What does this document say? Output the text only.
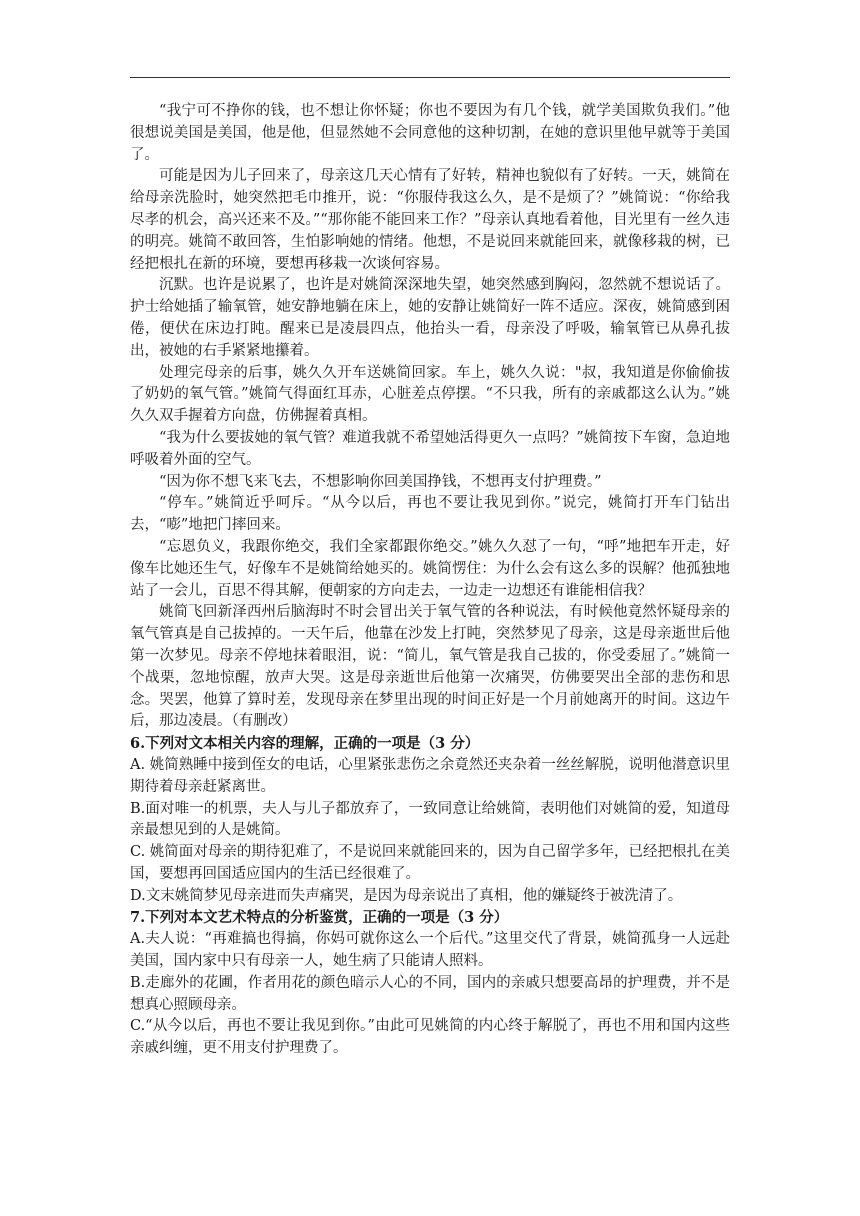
“我宁可不挣你的钱，也不想让你怀疑；你也不要因为有几个钱，就学美国欺负我们。”他很想说美国是美国，他是他，但显然她不会同意他的这种切割，在她的意识里他早就等于美国了。

可能是因为儿子回来了，母亲这几天心情有了好转，精神也貌似有了好转。一天，姚简在给母亲洗脸时，她突然把毛巾推开，说：“你服侍我这么久，是不是烦了？”姚简说：“你给我尽孝的机会，高兴还来不及。”“那你能不能回来工作？”母亲认真地看着他，目光里有一丝久违的明亮。姚简不敢回答，生怕影响她的情绪。他想，不是说回来就能回来，就像移栽的树，已经把根扎在新的环境，要想再移栽一次谈何容易。

沉默。也许是说累了，也许是对姚简深深地失望，她突然感到胸闷，忽然就不想说话了。护士给她插了输氧管，她安静地躺在床上，她的安静让姚简好一阵不适应。深夜，姚简感到困倦，便伏在床边打盹。醒来已是凌晨四点，他抬头一看，母亲没了呼吸，输氧管已从鼻孔拔出，被她的右手紧紧地攥着。

处理完母亲的后事，姚久久开车送姚简回家。车上，姚久久说："叔，我知道是你偷偷拔了奶奶的氧气管。”姚简气得面红耳赤，心脏差点停摆。“不只我，所有的亲戚都这么认为。”姚久久双手握着方向盘，仿佛握着真相。

“我为什么要拔她的氧气管？难道我就不希望她活得更久一点吗？”姚简按下车窗，急迫地呼吸着外面的空气。

“因为你不想飞来飞去，不想影响你回美国挣钱，不想再支付护理费。”

“停车。”姚简近乎呵斥。“从今以后，再也不要让我见到你。”说完，姚简打开车门钻出去，“嘭”地把门摔回来。

“忘恩负义，我跟你绝交，我们全家都跟你绝交。”姚久久怼了一句，“呼”地把车开走，好像车比她还生气，好像车不是姚简给她买的。姚简愣住：为什么会有这么多的误解？他孤独地站了一会儿，百思不得其解，便朝家的方向走去，一边走一边想还有谁能相信我？

姚简飞回新泽西州后脑海时不时会冒出关于氧气管的各种说法，有时候他竟然怀疑母亲的氧气管真是自己拔掉的。一天午后，他靠在沙发上打盹，突然梦见了母亲，这是母亲逝世后他第一次梦见。母亲不停地抹着眼泪，说：“简儿，氧气管是我自己拔的，你受委屈了。”姚简一个战栗，忽地惊醒，放声大哭。这是母亲逝世后他第一次痛哭，仿佛要哭出全部的悲伤和思念。哭罢，他算了算时差，发现母亲在梦里出现的时间正好是一个月前她离开的时间。这边午后，那边凌晨。（有删改）

6.下列对文本相关内容的理解，正确的一项是（3 分）

A. 姚简熟睡中接到侄女的电话，心里紧张悲伤之余竟然还夹杂着一丝丝解脱，说明他潜意识里期待着母亲赶紧离世。

B.面对唯一的机票，夫人与儿子都放弃了，一致同意让给姚简，表明他们对姚简的爱，知道母亲最想见到的人是姚简。

C. 姚简面对母亲的期待犯难了，不是说回来就能回来的，因为自己留学多年，已经把根扎在美国，要想再回国适应国内的生活已经很难了。

D.文末姚简梦见母亲进而失声痛哭，是因为母亲说出了真相，他的嫌疑终于被洗清了。

7.下列对本文艺术特点的分析鉴赏，正确的一项是（3 分）

A.夫人说：“再难搞也得搞，你妈可就你这么一个后代。”这里交代了背景，姚简孤身一人远赴美国，国内家中只有母亲一人，她生病了只能请人照料。

B.走廊外的花圃，作者用花的颜色暗示人心的不同，国内的亲戚只想要高昂的护理费，并不是想真心照顾母亲。

C.“从今以后，再也不要让我见到你。”由此可见姚简的内心终于解脱了，再也不用和国内这些亲戚纠缠，更不用支付护理费了。
